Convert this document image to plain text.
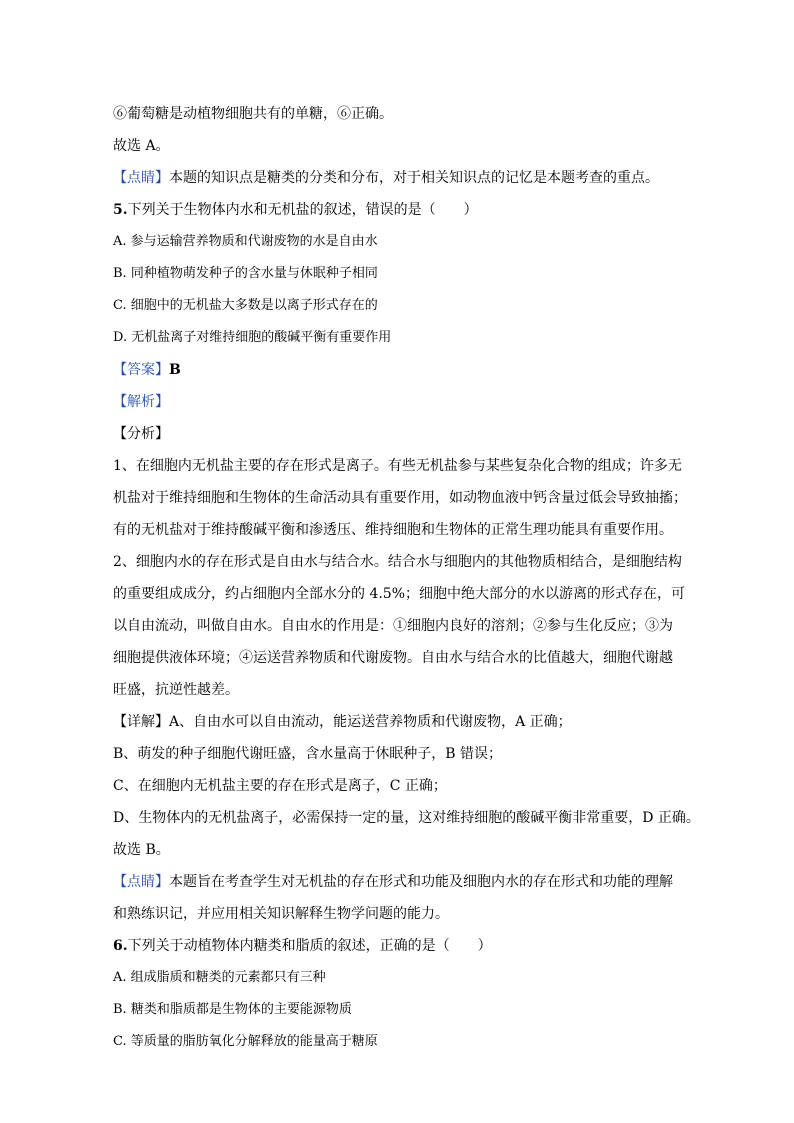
⑥葡萄糖是动植物细胞共有的单糖，⑥正确。
故选 A。
【点睛】本题的知识点是糖类的分类和分布，对于相关知识点的记忆是本题考查的重点。
5.下列关于生物体内水和无机盐的叙述，错误的是（　　）
A. 参与运输营养物质和代谢废物的水是自由水
B. 同种植物萌发种子的含水量与休眠种子相同
C. 细胞中的无机盐大多数是以离子形式存在的
D. 无机盐离子对维持细胞的酸碱平衡有重要作用
【答案】B
【解析】
【分析】
1、在细胞内无机盐主要的存在形式是离子。有些无机盐参与某些复杂化合物的组成；许多无
机盐对于维持细胞和生物体的生命活动具有重要作用，如动物血液中钙含量过低会导致抽搐；
有的无机盐对于维持酸碱平衡和渗透压、维持细胞和生物体的正常生理功能具有重要作用。
2、细胞内水的存在形式是自由水与结合水。结合水与细胞内的其他物质相结合，是细胞结构
的重要组成成分，约占细胞内全部水分的 4.5%；细胞中绝大部分的水以游离的形式存在，可
以自由流动，叫做自由水。自由水的作用是：①细胞内良好的溶剂；②参与生化反应；③为
细胞提供液体环境；④运送营养物质和代谢废物。自由水与结合水的比值越大，细胞代谢越
旺盛，抗逆性越差。
【详解】A、自由水可以自由流动，能运送营养物质和代谢废物，A 正确；
B、萌发的种子细胞代谢旺盛，含水量高于休眠种子，B 错误；
C、在细胞内无机盐主要的存在形式是离子，C 正确；
D、生物体内的无机盐离子，必需保持一定的量，这对维持细胞的酸碱平衡非常重要，D 正确。
故选 B。
【点睛】本题旨在考查学生对无机盐的存在形式和功能及细胞内水的存在形式和功能的理解
和熟练识记，并应用相关知识解释生物学问题的能力。
6.下列关于动植物体内糖类和脂质的叙述，正确的是（　　）
A. 组成脂质和糖类的元素都只有三种
B. 糖类和脂质都是生物体的主要能源物质
C. 等质量的脂肪氧化分解释放的能量高于糖原
